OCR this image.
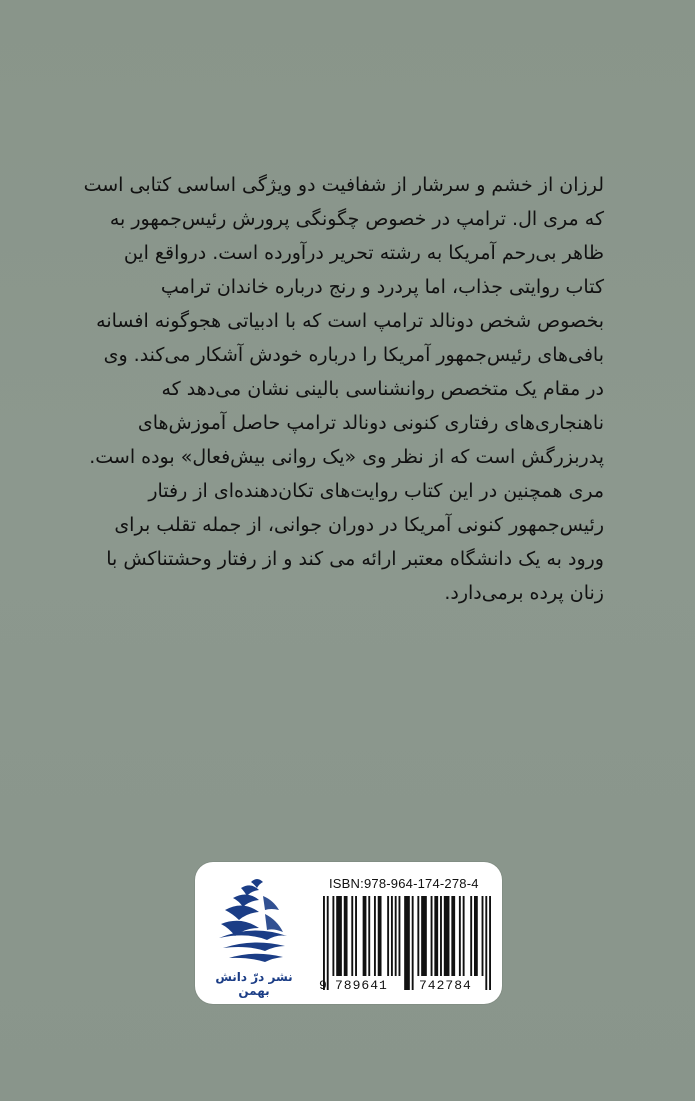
لرزان از خشم و سرشار از شفافیت دو ویژگی اساسی کتابی است
که مری ال. ترامپ در خصوص چگونگی پرورش رئیس‌جمهور به
ظاهر بی‌رحم آمریکا به رشته تحریر درآورده است. درواقع این
کتاب روایتی جذاب، اما پردرد و رنج درباره خاندان ترامپ
بخصوص شخص دونالد ترامپ است که با ادبیاتی هجوگونه افسانه
بافی‌های رئیس‌جمهور آمریکا را درباره خودش آشکار می‌کند. وی
در مقام یک متخصص روانشناسی بالینی نشان می‌دهد که
ناهنجاری‌های رفتاری کنونی دونالد ترامپ حاصل آموزش‌های
پدربزرگش است که از نظر وی «یک روانی بیش‌فعال» بوده است.
مری همچنین در این کتاب روایت‌های تکان‌دهنده‌ای از رفتار
رئیس‌جمهور کنونی آمریکا در دوران جوانی، از جمله تقلب برای
ورود به یک دانشگاه معتبر ارائه می کند و از رفتار وحشتناکش با
زنان پرده برمی‌دارد.
نشر درّ دانش بهمن
ISBN:978-964-174-278-4
9 789641 742784
